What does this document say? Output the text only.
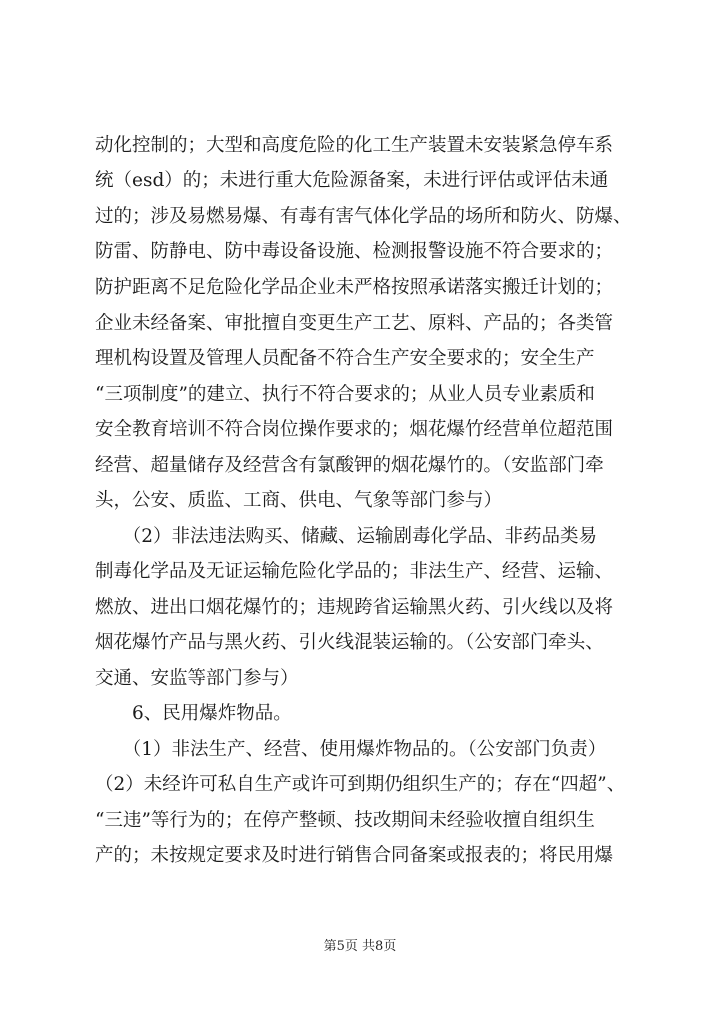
动化控制的；大型和高度危险的化工生产装置未安装紧急停车系
统（esd）的；未进行重大危险源备案，未进行评估或评估未通
过的；涉及易燃易爆、有毒有害气体化学品的场所和防火、防爆、
防雷、防静电、防中毒设备设施、检测报警设施不符合要求的；
防护距离不足危险化学品企业未严格按照承诺落实搬迁计划的；
企业未经备案、审批擅自变更生产工艺、原料、产品的；各类管
理机构设置及管理人员配备不符合生产安全要求的；安全生产
“三项制度”的建立、执行不符合要求的；从业人员专业素质和
安全教育培训不符合岗位操作要求的；烟花爆竹经营单位超范围
经营、超量储存及经营含有氯酸钾的烟花爆竹的。（安监部门牵
头，公安、质监、工商、供电、气象等部门参与）
　　（2）非法违法购买、储藏、运输剧毒化学品、非药品类易
制毒化学品及无证运输危险化学品的；非法生产、经营、运输、
燃放、进出口烟花爆竹的；违规跨省运输黑火药、引火线以及将
烟花爆竹产品与黑火药、引火线混装运输的。（公安部门牵头、
交通、安监等部门参与）
　　6、民用爆炸物品。
　　（1）非法生产、经营、使用爆炸物品的。（公安部门负责）
（2）未经许可私自生产或许可到期仍组织生产的；存在“四超”、
“三违”等行为的；在停产整顿、技改期间未经验收擅自组织生
产的；未按规定要求及时进行销售合同备案或报表的；将民用爆
第5页 共8页
